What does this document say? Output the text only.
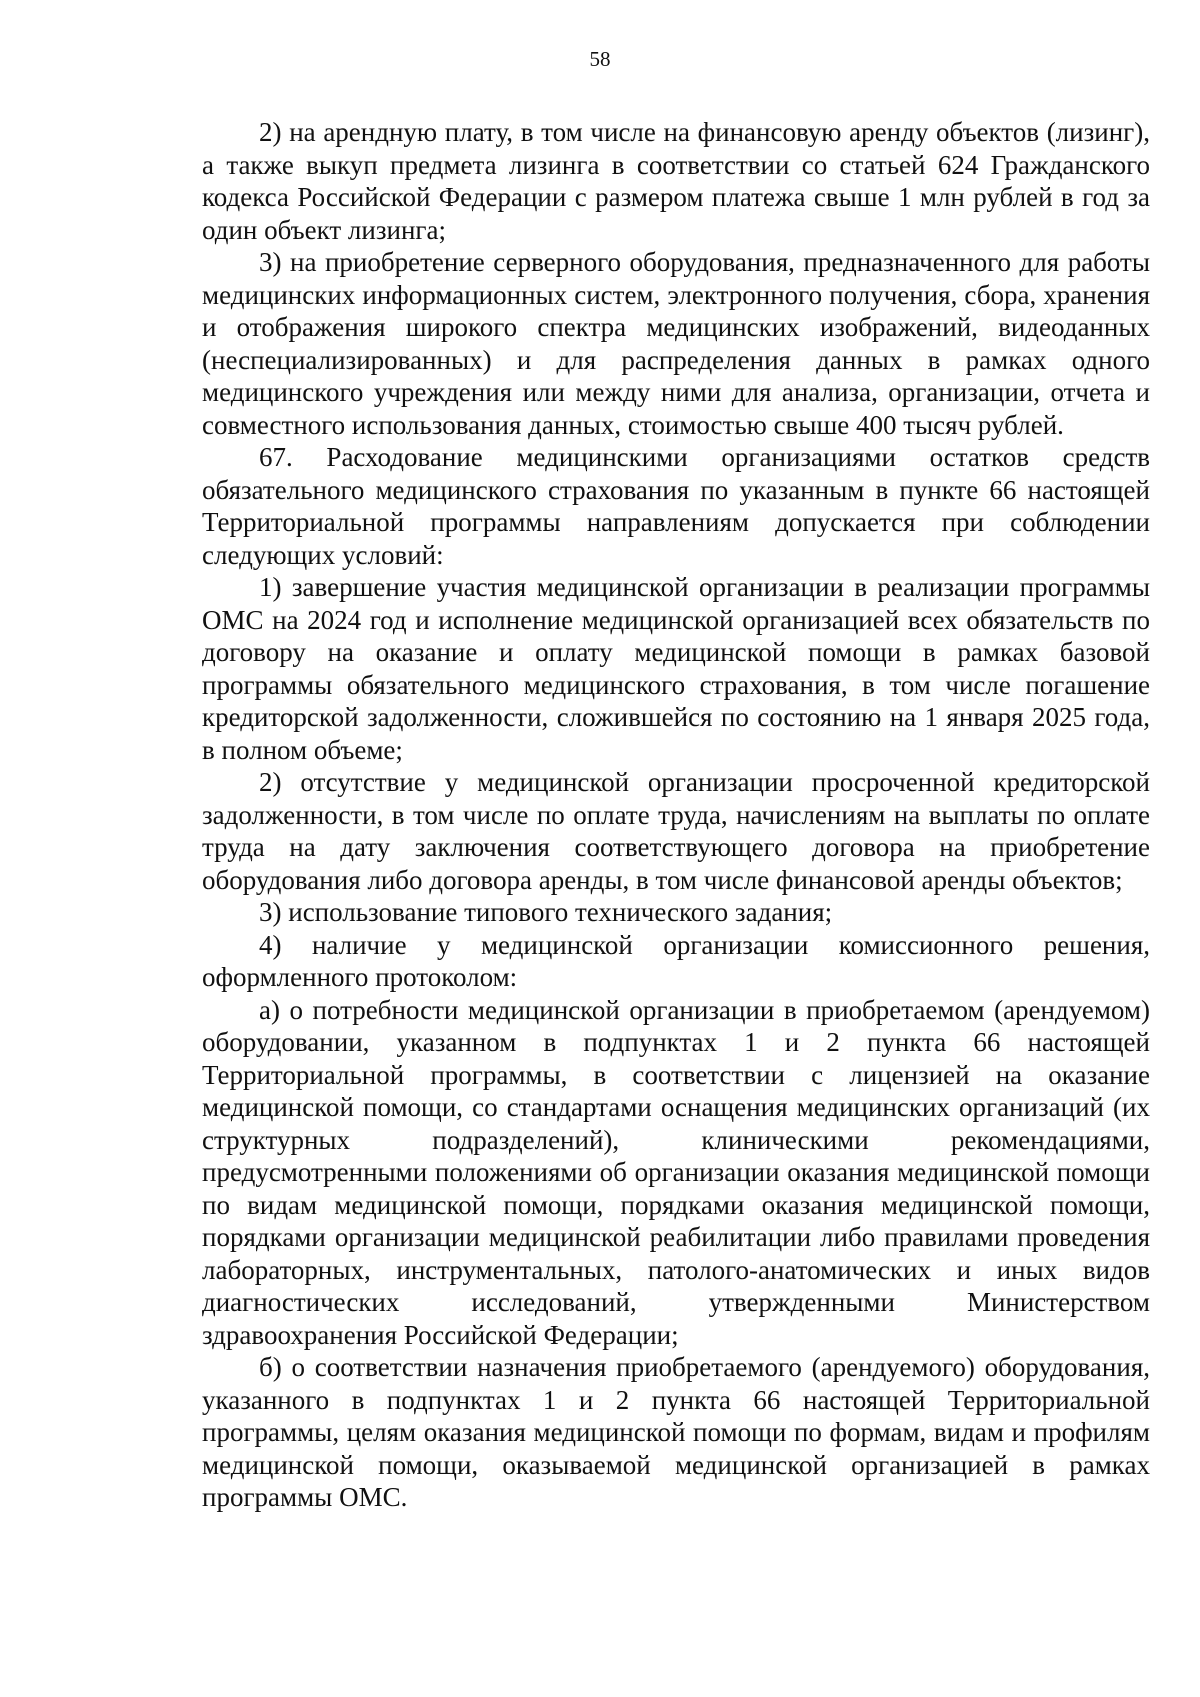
58

2) на арендную плату, в том числе на финансовую аренду объектов (лизинг), а также выкуп предмета лизинга в соответствии со статьей 624 Гражданского кодекса Российской Федерации с размером платежа свыше 1 млн рублей в год за один объект лизинга;

3) на приобретение серверного оборудования, предназначенного для работы медицинских информационных систем, электронного получения, сбора, хранения и отображения широкого спектра медицинских изображений, видеоданных (неспециализированных) и для распределения данных в рамках одного медицинского учреждения или между ними для анализа, организации, отчета и совместного использования данных, стоимостью свыше 400 тысяч рублей.

67. Расходование медицинскими организациями остатков средств обязательного медицинского страхования по указанным в пункте 66 настоящей Территориальной программы направлениям допускается при соблюдении следующих условий:

1) завершение участия медицинской организации в реализации программы ОМС на 2024 год и исполнение медицинской организацией всех обязательств по договору на оказание и оплату медицинской помощи в рамках базовой программы обязательного медицинского страхования, в том числе погашение кредиторской задолженности, сложившейся по состоянию на 1 января 2025 года, в полном объеме;

2) отсутствие у медицинской организации просроченной кредиторской задолженности, в том числе по оплате труда, начислениям на выплаты по оплате труда на дату заключения соответствующего договора на приобретение оборудования либо договора аренды, в том числе финансовой аренды объектов;

3) использование типового технического задания;

4) наличие у медицинской организации комиссионного решения, оформленного протоколом:

а) о потребности медицинской организации в приобретаемом (арендуемом) оборудовании, указанном в подпунктах 1 и 2 пункта 66 настоящей Территориальной программы, в соответствии с лицензией на оказание медицинской помощи, со стандартами оснащения медицинских организаций (их структурных подразделений), клиническими рекомендациями, предусмотренными положениями об организации оказания медицинской помощи по видам медицинской помощи, порядками оказания медицинской помощи, порядками организации медицинской реабилитации либо правилами проведения лабораторных, инструментальных, патолого-анатомических и иных видов диагностических исследований, утвержденными Министерством здравоохранения Российской Федерации;

б) о соответствии назначения приобретаемого (арендуемого) оборудования, указанного в подпунктах 1 и 2 пункта 66 настоящей Территориальной программы, целям оказания медицинской помощи по формам, видам и профилям медицинской помощи, оказываемой медицинской организацией в рамках программы ОМС.
